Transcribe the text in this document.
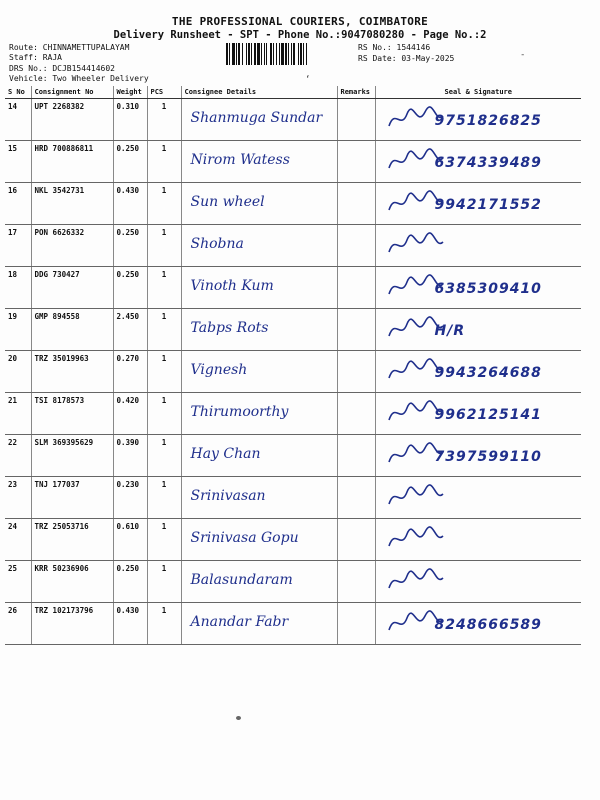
THE PROFESSIONAL COURIERS, COIMBATORE
Delivery Runsheet - SPT - Phone No.:9047080280 - Page No.:2
Route: CHINNAMETTUPALAYAM
Staff: RAJA
DRS No.: DCJB154414602
RS No.: 1544146
RS Date: 03-May-2025
Vehicle: Two Wheeler Delivery	‘
-
S No	Consignment No	Weight	PCS	Consignee Details	Remarks	Seal & Signature
14	UPT 2268382	0.310	1	Shanmuga Sundar		9751826825

15	HRD 700886811	0.250	1	Nirom Watess		6374339489

16	NKL 3542731	0.430	1	Sun wheel		9942171552

17	PON 6626332	0.250	1	Shobna

18	DDG 730427	0.250	1	Vinoth Kum		6385309410

19	GMP 894558	2.450	1	Tabps Rots		H/R

20	TRZ 35019963	0.270	1	Vignesh		9943264688

21	TSI 8178573	0.420	1	Thirumoorthy		9962125141

22	SLM 369395629	0.390	1	Hay Chan		7397599110

23	TNJ 177037	0.230	1	Srinivasan

24	TRZ 25053716	0.610	1	Srinivasa Gopu

25	KRR 50236906	0.250	1	Balasundaram

26	TRZ 102173796	0.430	1	Anandar Fabr		8248666589
